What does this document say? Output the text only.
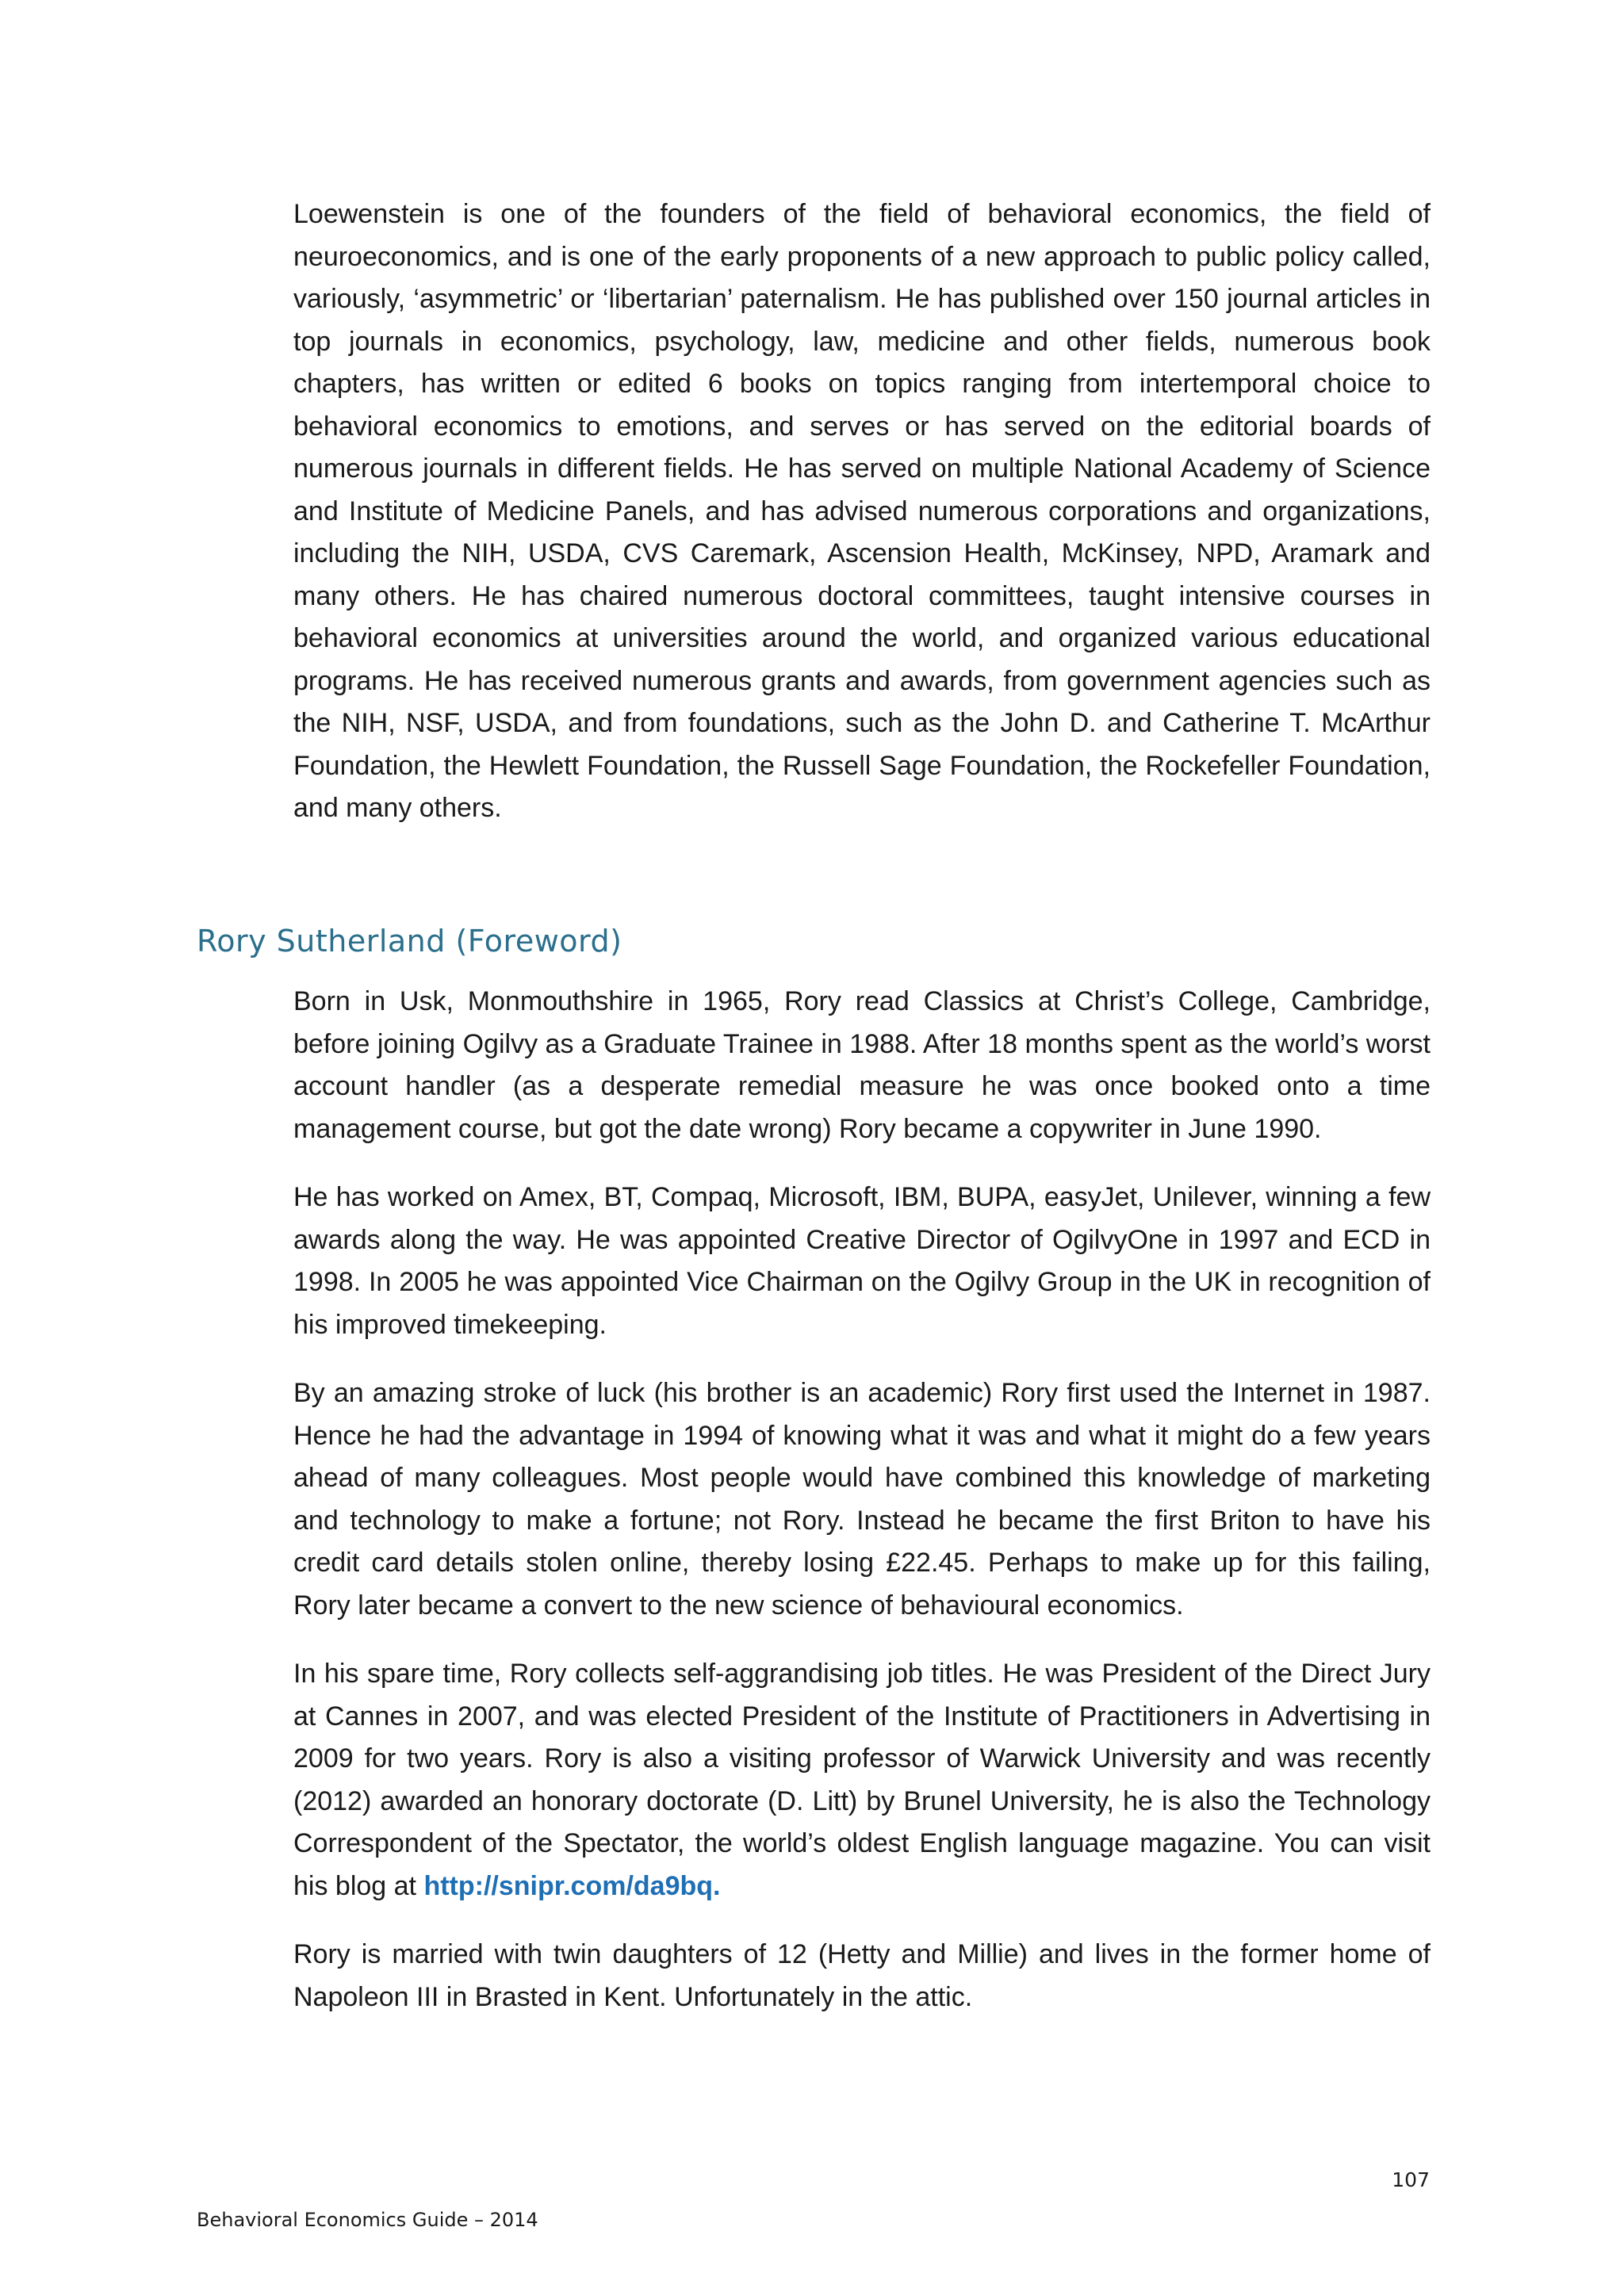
Loewenstein is one of the founders of the field of behavioral economics, the field of neuroeconomics, and is one of the early proponents of a new approach to public policy called, variously, ‘asymmetric’ or ‘libertarian’ paternalism. He has published over 150 journal articles in top journals in economics, psychology, law, medicine and other fields, numerous book chapters, has written or edited 6 books on topics ranging from intertemporal choice to behavioral economics to emotions, and serves or has served on the editorial boards of numerous journals in different fields. He has served on multiple National Academy of Science and Institute of Medicine Panels, and has advised numerous corporations and organizations, including the NIH, USDA, CVS Caremark, Ascension Health, McKinsey, NPD, Aramark and many others. He has chaired numerous doctoral committees, taught intensive courses in behavioral economics at universities around the world, and organized various educational programs. He has received numerous grants and awards, from government agencies such as the NIH, NSF, USDA, and from foundations, such as the John D. and Catherine T. McArthur Foundation, the Hewlett Foundation, the Russell Sage Foundation, the Rockefeller Foundation, and many others.

Rory Sutherland (Foreword)

Born in Usk, Monmouthshire in 1965, Rory read Classics at Christ’s College, Cambridge, before joining Ogilvy as a Graduate Trainee in 1988. After 18 months spent as the world’s worst account handler (as a desperate remedial measure he was once booked onto a time management course, but got the date wrong) Rory became a copywriter in June 1990.

He has worked on Amex, BT, Compaq, Microsoft, IBM, BUPA, easyJet, Unilever, winning a few awards along the way. He was appointed Creative Director of OgilvyOne in 1997 and ECD in 1998. In 2005 he was appointed Vice Chairman on the Ogilvy Group in the UK in recognition of his improved timekeeping.

By an amazing stroke of luck (his brother is an academic) Rory first used the Internet in 1987. Hence he had the advantage in 1994 of knowing what it was and what it might do a few years ahead of many colleagues. Most people would have combined this knowledge of marketing and technology to make a fortune; not Rory. Instead he became the first Briton to have his credit card details stolen online, thereby losing £22.45. Perhaps to make up for this failing, Rory later became a convert to the new science of behavioural economics.

In his spare time, Rory collects self-aggrandising job titles. He was President of the Direct Jury at Cannes in 2007, and was elected President of the Institute of Practitioners in Advertising in 2009 for two years. Rory is also a visiting professor of Warwick University and was recently (2012) awarded an honorary doctorate (D. Litt) by Brunel University, he is also the Technology Correspondent of the Spectator, the world’s oldest English language magazine. You can visit his blog at http://snipr.com/da9bq.

Rory is married with twin daughters of 12 (Hetty and Millie) and lives in the former home of Napoleon III in Brasted in Kent. Unfortunately in the attic.

107
Behavioral Economics Guide – 2014
